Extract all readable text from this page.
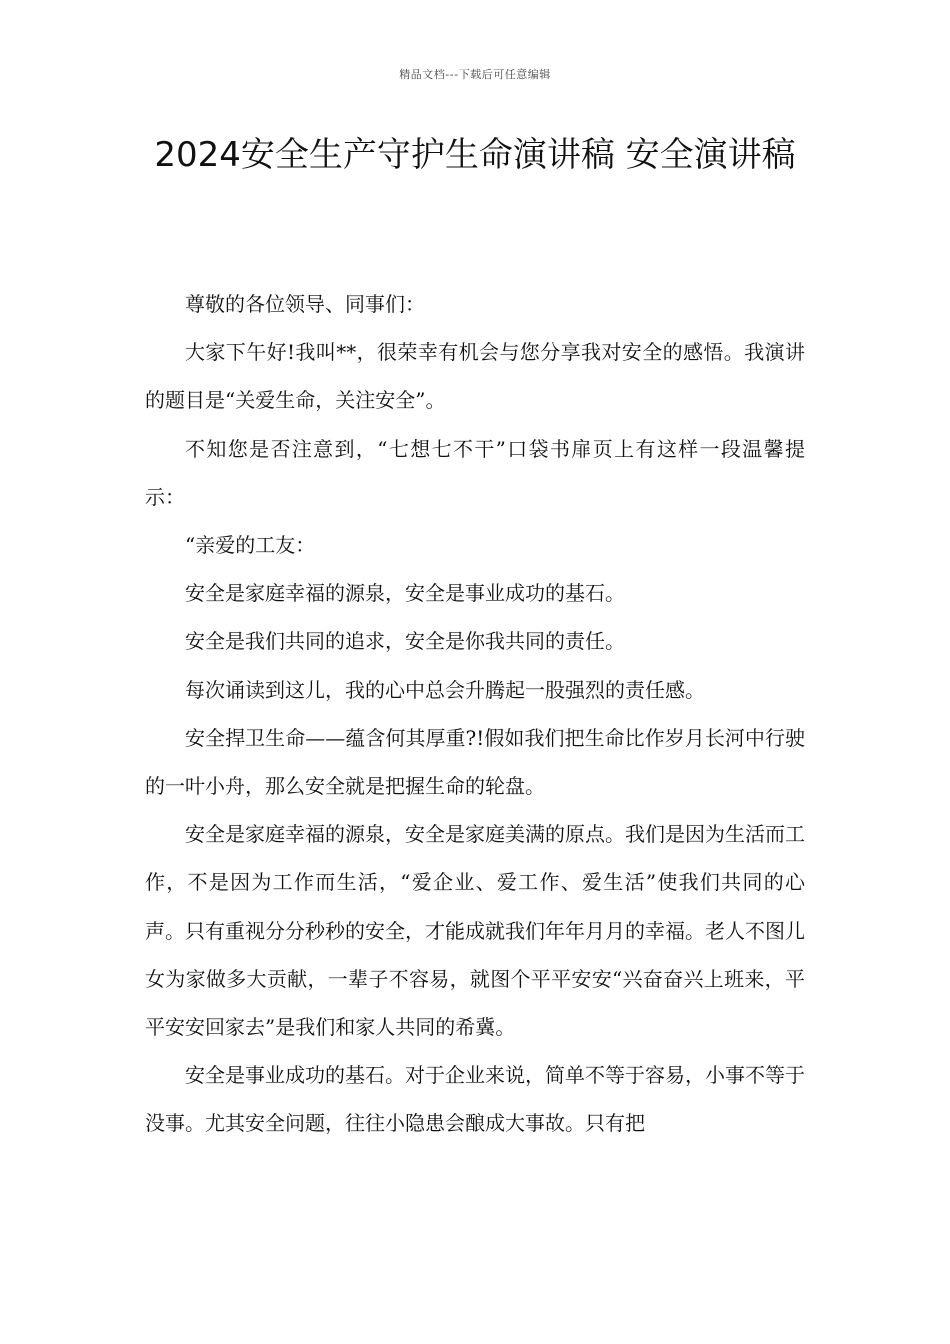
精品文档---下载后可任意编辑
2024安全生产守护生命演讲稿 安全演讲稿

尊敬的各位领导、同事们：

大家下午好!我叫**，很荣幸有机会与您分享我对安全的感悟。我演讲的题目是“关爱生命，关注安全”。

不知您是否注意到，“七想七不干”口袋书扉页上有这样一段温馨提示：

“亲爱的工友：

安全是家庭幸福的源泉，安全是事业成功的基石。

安全是我们共同的追求，安全是你我共同的责任。

每次诵读到这儿，我的心中总会升腾起一股强烈的责任感。

安全捍卫生命——蕴含何其厚重?!假如我们把生命比作岁月长河中行驶的一叶小舟，那么安全就是把握生命的轮盘。

安全是家庭幸福的源泉，安全是家庭美满的原点。我们是因为生活而工作，不是因为工作而生活，“爱企业、爱工作、爱生活”使我们共同的心声。只有重视分分秒秒的安全，才能成就我们年年月月的幸福。老人不图儿女为家做多大贡献，一辈子不容易，就图个平平安安“兴奋奋兴上班来，平平安安回家去”是我们和家人共同的希冀。

安全是事业成功的基石。对于企业来说，简单不等于容易，小事不等于没事。尤其安全问题，往往小隐患会酿成大事故。只有把
